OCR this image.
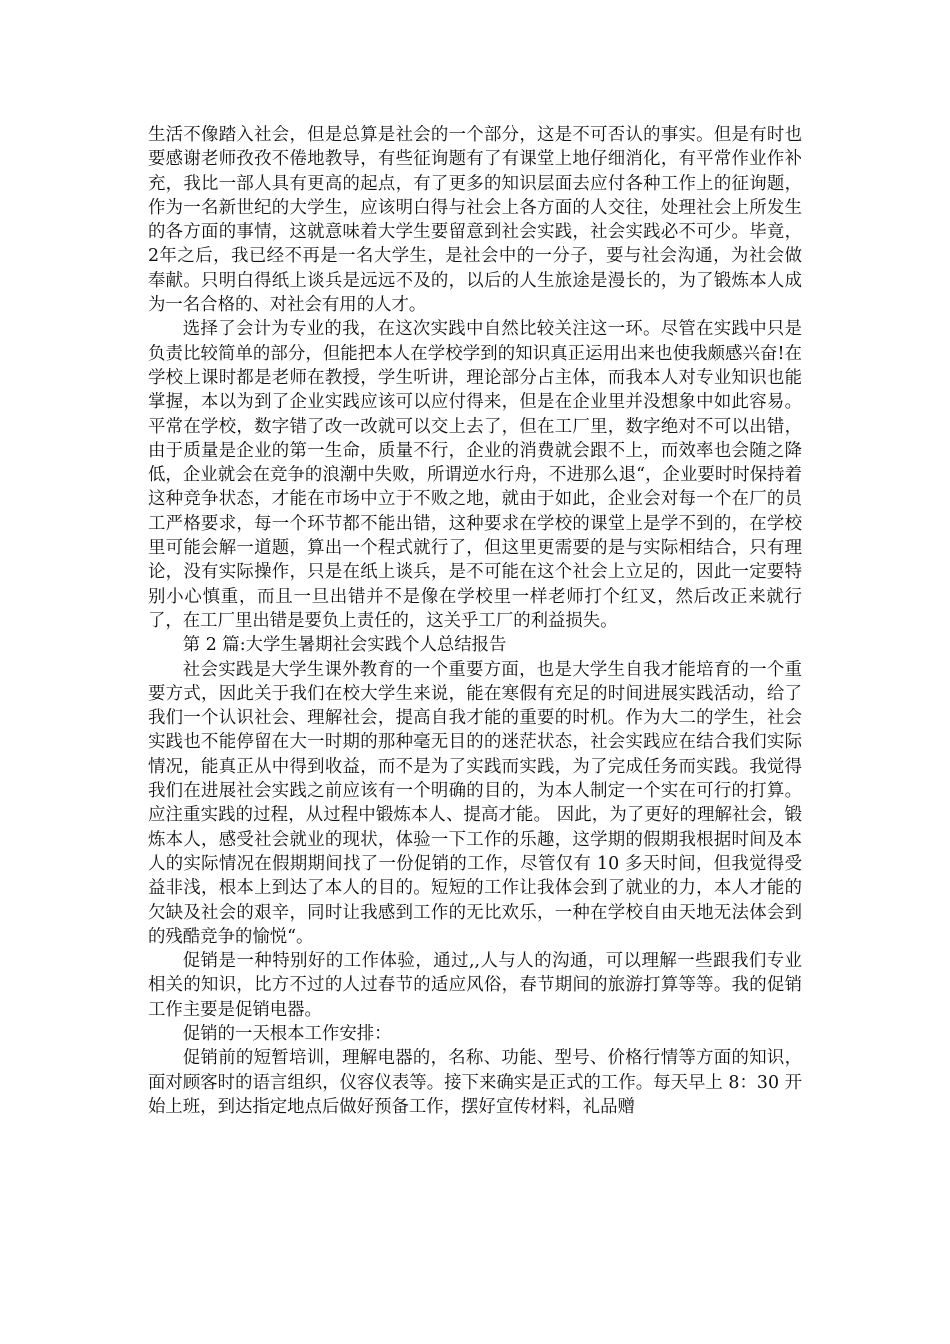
生活不像踏入社会，但是总算是社会的一个部分，这是不可否认的事实。但是有时也要感谢老师孜孜不倦地教导，有些征询题有了有课堂上地仔细消化，有平常作业作补充，我比一部人具有更高的起点，有了更多的知识层面去应付各种工作上的征询题，作为一名新世纪的大学生，应该明白得与社会上各方面的人交往，处理社会上所发生的各方面的事情，这就意味着大学生要留意到社会实践，社会实践必不可少。毕竟，2年之后，我已经不再是一名大学生，是社会中的一分子，要与社会沟通，为社会做奉献。只明白得纸上谈兵是远远不及的，以后的人生旅途是漫长的，为了锻炼本人成为一名合格的、对社会有用的人才。

选择了会计为专业的我，在这次实践中自然比较关注这一环。尽管在实践中只是负责比较简单的部分，但能把本人在学校学到的知识真正运用出来也使我颇感兴奋!在学校上课时都是老师在教授，学生听讲，理论部分占主体，而我本人对专业知识也能掌握，本以为到了企业实践应该可以应付得来，但是在企业里并没想象中如此容易。平常在学校，数字错了改一改就可以交上去了，但在工厂里，数字绝对不可以出错，由于质量是企业的第一生命，质量不行，企业的消费就会跟不上，而效率也会随之降低，企业就会在竞争的浪潮中失败，所谓逆水行舟，不进那么退“，企业要时时保持着这种竞争状态，才能在市场中立于不败之地，就由于如此，企业会对每一个在厂的员工严格要求，每一个环节都不能出错，这种要求在学校的课堂上是学不到的，在学校里可能会解一道题，算出一个程式就行了，但这里更需要的是与实际相结合，只有理论，没有实际操作，只是在纸上谈兵，是不可能在这个社会上立足的，因此一定要特别小心慎重，而且一旦出错并不是像在学校里一样老师打个红叉，然后改正来就行了，在工厂里出错是要负上责任的，这关乎工厂的利益损失。

第 2 篇:大学生暑期社会实践个人总结报告

社会实践是大学生课外教育的一个重要方面，也是大学生自我才能培育的一个重要方式，因此关于我们在校大学生来说，能在寒假有充足的时间进展实践活动，给了我们一个认识社会、理解社会，提高自我才能的重要的时机。作为大二的学生，社会实践也不能停留在大一时期的那种毫无目的的迷茫状态，社会实践应在结合我们实际情况，能真正从中得到收益，而不是为了实践而实践，为了完成任务而实践。我觉得我们在进展社会实践之前应该有一个明确的目的，为本人制定一个实在可行的打算。应注重实践的过程，从过程中锻炼本人、提高才能。 因此，为了更好的理解社会，锻炼本人，感受社会就业的现状，体验一下工作的乐趣，这学期的假期我根据时间及本人的实际情况在假期期间找了一份促销的工作，尽管仅有 10 多天时间，但我觉得受益非浅，根本上到达了本人的目的。短短的工作让我体会到了就业的力，本人才能的欠缺及社会的艰辛，同时让我感到工作的无比欢乐，一种在学校自由天地无法体会到的残酷竞争的愉悦“。

促销是一种特别好的工作体验，通过,,人与人的沟通，可以理解一些跟我们专业相关的知识，比方不过的人过春节的适应风俗，春节期间的旅游打算等等。我的促销工作主要是促销电器。

促销的一天根本工作安排：

促销前的短暂培训，理解电器的，名称、功能、型号、价格行情等方面的知识，面对顾客时的语言组织，仪容仪表等。接下来确实是正式的工作。每天早上 8：30 开始上班，到达指定地点后做好预备工作，摆好宣传材料，礼品赠
